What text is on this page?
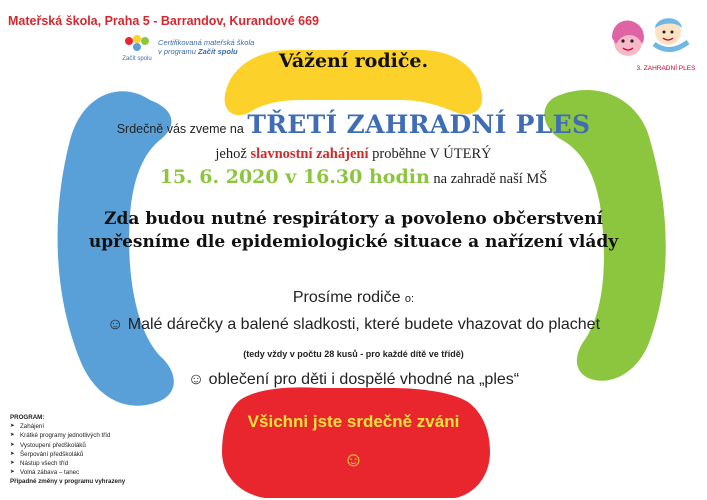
Mateřská škola, Praha 5 - Barrandov, Kurandové 669
Začít spolu
Certifikovaná mateřská škola
v programu Začít spolu
3. ZAHRADNÍ PLES
Vážení rodiče.
Srdečně vás zveme na TŘETÍ ZAHRADNÍ PLES
jehož slavnostní zahájení proběhne V ÚTERÝ
15. 6. 2020 v 16.30 hodin na zahradě naší MŠ
Zda budou nutné respirátory a povoleno občerstvení
upřesníme dle epidemiologické situace a nařízení vlády
Prosíme rodiče o:
☺ Malé dárečky a balené sladkosti, které budete vhazovat do plachet
(tedy vždy v počtu 28 kusů - pro každé dítě ve třídě)
☺ oblečení pro děti i dospělé vhodné na „ples“
Všichni jste srdečně zváni
☺
PROGRAM:
➤ Zahájení
➤ Krátké programy jednotlivých tříd
➤ Vystoupení předškoláků
➤ Šerpování předškoláků
➤ Nástup všech tříd
➤ Volná zábava – tanec
Případné změny v programu vyhrazeny
